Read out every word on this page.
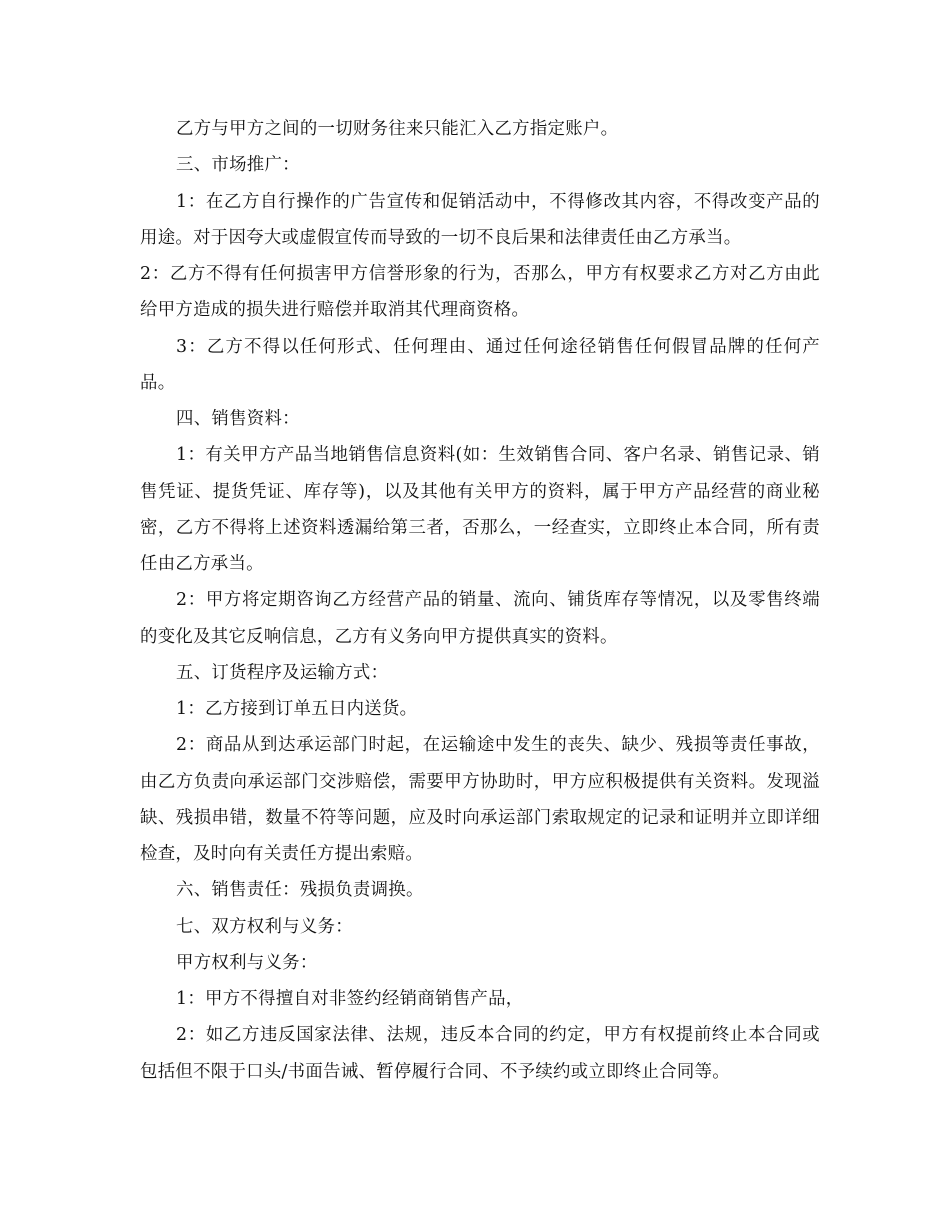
乙方与甲方之间的一切财务往来只能汇入乙方指定账户。

三、市场推广：

1：在乙方自行操作的广告宣传和促销活动中，不得修改其内容，不得改变产品的用途。对于因夸大或虚假宣传而导致的一切不良后果和法律责任由乙方承当。

2：乙方不得有任何损害甲方信誉形象的行为，否那么，甲方有权要求乙方对乙方由此给甲方造成的损失进行赔偿并取消其代理商资格。

3：乙方不得以任何形式、任何理由、通过任何途径销售任何假冒品牌的任何产品。

四、销售资料：

1：有关甲方产品当地销售信息资料(如：生效销售合同、客户名录、销售记录、销售凭证、提货凭证、库存等)，以及其他有关甲方的资料，属于甲方产品经营的商业秘密，乙方不得将上述资料透漏给第三者，否那么，一经查实，立即终止本合同，所有责任由乙方承当。

2：甲方将定期咨询乙方经营产品的销量、流向、铺货库存等情况，以及零售终端的变化及其它反响信息，乙方有义务向甲方提供真实的资料。

五、订货程序及运输方式：

1：乙方接到订单五日内送货。

2：商品从到达承运部门时起，在运输途中发生的丧失、缺少、残损等责任事故，由乙方负责向承运部门交涉赔偿，需要甲方协助时，甲方应积极提供有关资料。发现溢缺、残损串错，数量不符等问题，应及时向承运部门索取规定的记录和证明并立即详细检查，及时向有关责任方提出索赔。

六、销售责任：残损负责调换。

七、双方权利与义务：

甲方权利与义务：

1：甲方不得擅自对非签约经销商销售产品，

2：如乙方违反国家法律、法规，违反本合同的约定，甲方有权提前终止本合同或包括但不限于口头/书面告诫、暂停履行合同、不予续约或立即终止合同等。
